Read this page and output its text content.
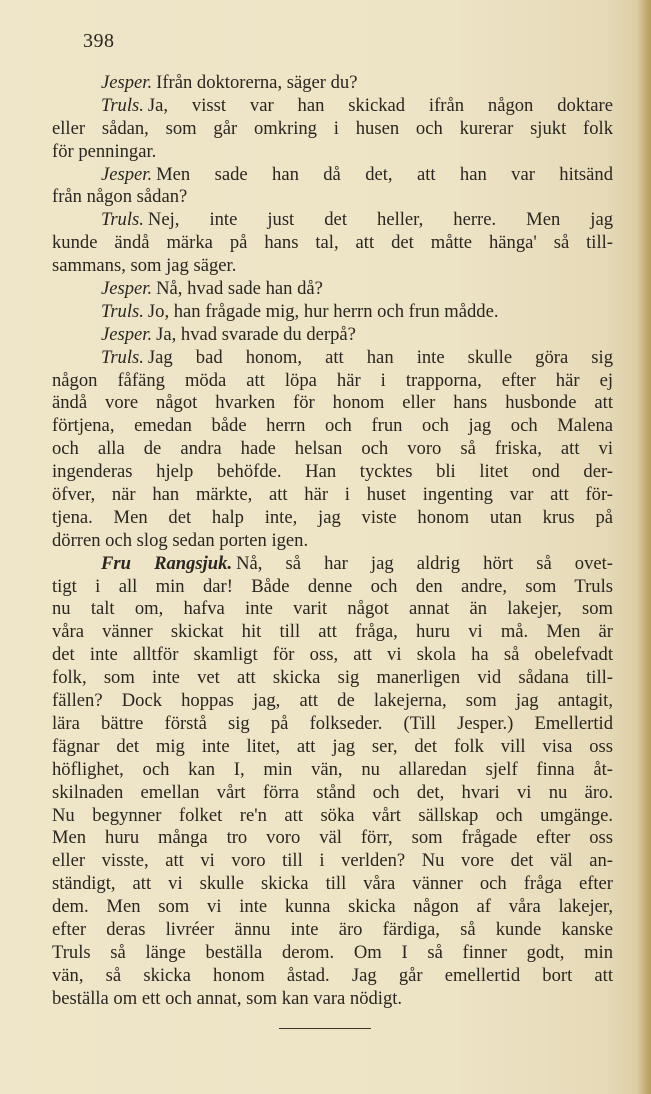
398
Jesper. Ifrån doktorerna, säger du?
Truls. Ja, visst var han skickad ifrån någon doktare
eller sådan, som går omkring i husen och kurerar sjukt folk
för penningar.
Jesper. Men sade han då det, att han var hitsänd
från någon sådan?
Truls. Nej, inte just det heller, herre. Men jag
kunde ändå märka på hans tal, att det måtte hänga' så till-
sammans, som jag säger.
Jesper. Nå, hvad sade han då?
Truls. Jo, han frågade mig, hur herrn och frun mådde.
Jesper. Ja, hvad svarade du derpå?
Truls. Jag bad honom, att han inte skulle göra sig
någon fåfäng möda att löpa här i trapporna, efter här ej
ändå vore något hvarken för honom eller hans husbonde att
förtjena, emedan både herrn och frun och jag och Malena
och alla de andra hade helsan och voro så friska, att vi
ingenderas hjelp behöfde. Han tycktes bli litet ond der-
öfver, när han märkte, att här i huset ingenting var att för-
tjena. Men det halp inte, jag viste honom utan krus på
dörren och slog sedan porten igen.
Fru Rangsjuk. Nå, så har jag aldrig hört så ovet-
tigt i all min dar! Både denne och den andre, som Truls
nu talt om, hafva inte varit något annat än lakejer, som
våra vänner skickat hit till att fråga, huru vi må. Men är
det inte alltför skamligt för oss, att vi skola ha så obelefvadt
folk, som inte vet att skicka sig manerligen vid sådana till-
fällen? Dock hoppas jag, att de lakejerna, som jag antagit,
lära bättre förstå sig på folkseder. (Till Jesper.) Emellertid
fägnar det mig inte litet, att jag ser, det folk vill visa oss
höflighet, och kan I, min vän, nu allaredan sjelf finna åt-
skilnaden emellan vårt förra stånd och det, hvari vi nu äro.
Nu begynner folket re'n att söka vårt sällskap och umgänge.
Men huru många tro voro väl förr, som frågade efter oss
eller visste, att vi voro till i verlden? Nu vore det väl an-
ständigt, att vi skulle skicka till våra vänner och fråga efter
dem. Men som vi inte kunna skicka någon af våra lakejer,
efter deras livréer ännu inte äro färdiga, så kunde kanske
Truls så länge beställa derom. Om I så finner godt, min
vän, så skicka honom åstad. Jag går emellertid bort att
beställa om ett och annat, som kan vara nödigt.
